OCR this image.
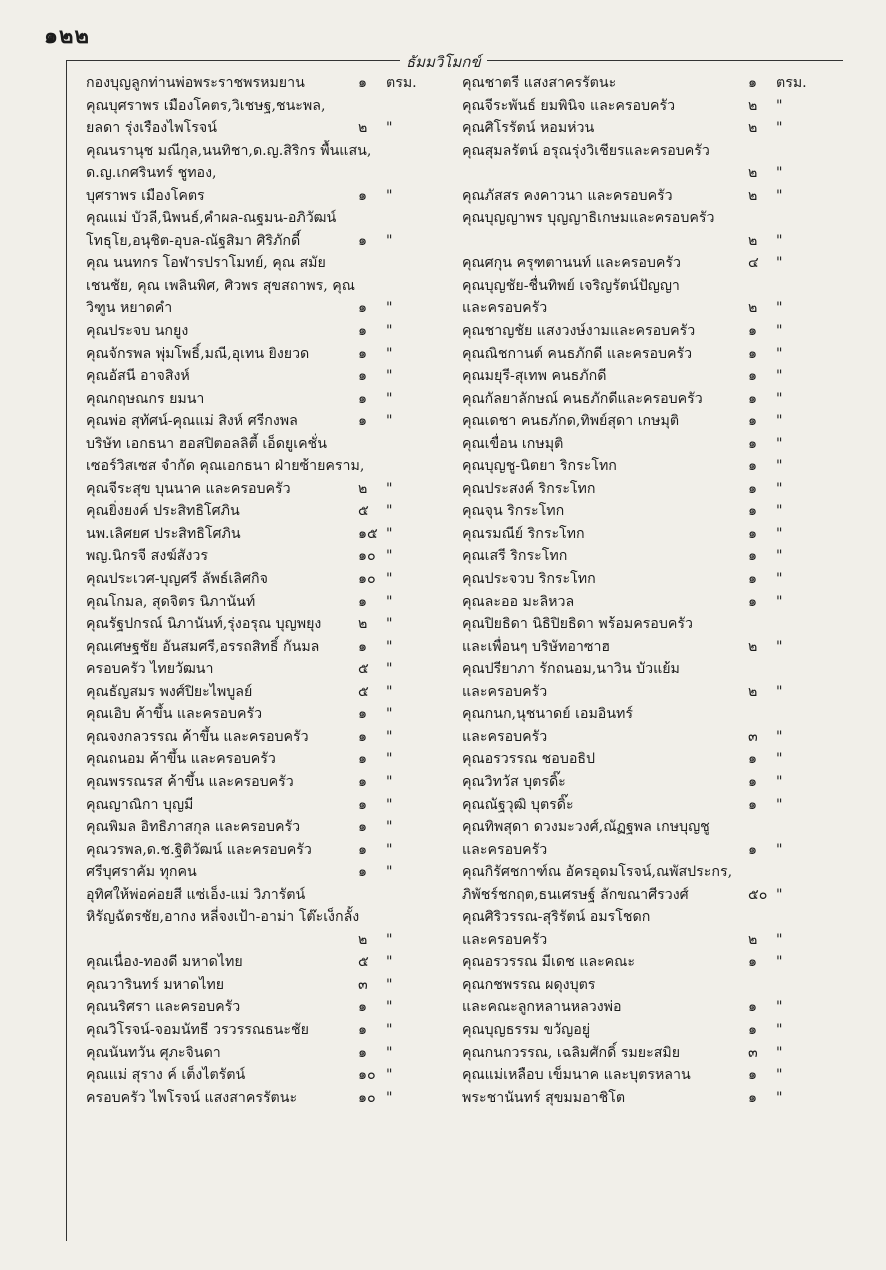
๑๒๒
ธัมมวิโมกข์
กองบุญลูกท่านพ่อพระราชพรหมยาน	๑ ตรม.
คุณบุศราพร เมืองโคตร,วิเชษฐ,ชนะพล,
ยลดา รุ่งเรืองไพโรจน์	๒ "
คุณนรานุช มณีกุล,นนทิชา,ด.ญ.สิริกร พื้นแสน,
ด.ญ.เกศรินทร์ ชูทอง,
บุศราพร เมืองโคตร	๑ "
คุณแม่ บัวลี,นิพนธ์,คำผล-ณฐมน-อภิวัฒน์
โทธุโย,อนุชิต-อุบล-ณัฐสิมา ศิริภักดี์	๑ "
คุณ นนทกร โอฬารปราโมทย์, คุณ สมัย
เชนชัย, คุณ เพลินพิศ, ศิวพร สุขสถาพร, คุณ
วิฑูน หยาดคำ	๑ "
คุณประจบ นกยูง	๑ "
คุณจักรพล พุ่มโพธิ์,มณี,อุเทน ยิงยวด	๑ "
คุณอัสนี อาจสิงห์	๑ "
คุณกฤษณกร ยมนา	๑ "
คุณพ่อ สุทัศน์-คุณแม่ สิงห์ ศรีกงพล	๑ "
บริษัท เอกธนา ฮอสปิตอลลิตี้ เอ็ดยูเคชั่น
เซอร์วิสเซส จำกัด คุณเอกธนา ฝ่ายซ้ายคราม,
คุณจีระสุข บุนนาค และครอบครัว	๒ "
คุณยิ่งยงค์ ประสิทธิโศภิน	๕ "
นพ.เลิศยศ ประสิทธิโศภิน	๑๕ "
พญ.นิกรจี สงฆ์สังวร	๑๐ "
คุณประเวศ-บุญศรี ลัพธ์เลิศกิจ	๑๐ "
คุณโกมล, สุดจิตร นิภานันท์	๑ "
คุณรัฐปกรณ์ นิภานันท์,รุ่งอรุณ บุญพยุง	๒ "
คุณเศษฐชัย อันสมศรี,อรรถสิทธิ์ กันมล	๑ "
ครอบครัว ไทยวัฒนา	๕ "
คุณธัญสมร พงศ์ปิยะไพบูลย์	๕ "
คุณเอิบ ค้าขึ้น และครอบครัว	๑ "
คุณจงกลวรรณ ค้าขึ้น และครอบครัว	๑ "
คุณถนอม ค้าขึ้น และครอบครัว	๑ "
คุณพรรณรส ค้าขึ้น และครอบครัว	๑ "
คุณญาณิกา บุญมี	๑ "
คุณพิมล อิทธิภาสกุล และครอบครัว	๑ "
คุณวรพล,ด.ช.ฐิติวัฒน์ และครอบครัว	๑ "
ศรีบุศราคัม ทุกคน	๑ "
อุทิศให้พ่อค่อยสี แซ่เอ็ง-แม่ วิภารัตน์
หิรัญฉัตรชัย,อากง หลี่จงเป้า-อาม่า โต๊ะเง็กลั้ง
๒ "
คุณเนื่อง-ทองดี มหาดไทย	๕ "
คุณวารินทร์ มหาดไทย	๓ "
คุณนริศรา และครอบครัว	๑ "
คุณวิโรจน์-จอมนัทธี วรวรรณธนะชัย	๑ "
คุณนันทวัน ศุภะจินดา	๑ "
คุณแม่ สุราง ค์ เต็งไตรัตน์	๑๐ "
ครอบครัว ไพโรจน์ แสงสาครรัตนะ	๑๐ "
คุณชาตรี แสงสาครรัตนะ	๑ ตรม.
คุณจีระพันธ์ ยมพินิจ และครอบครัว	๒ "
คุณศิโรรัตน์ หอมห่วน	๒ "
คุณสุมลรัตน์ อรุณรุ่งวิเชียรและครอบครัว
๒ "
คุณภัสสร คงคาวนา และครอบครัว	๒ "
คุณบุญญาพร บุญญาธิเกษมและครอบครัว
๒ "
คุณศกุน ครุฑตานนท์ และครอบครัว	๔ "
คุณบุญชัย-ชื่นทิพย์ เจริญรัตน์ปัญญา
และครอบครัว	๒ "
คุณชาญชัย แสงวงษ์งามและครอบครัว	๑ "
คุณณิชกานต์ คนธภักดี และครอบครัว	๑ "
คุณมยุรี-สุเทพ คนธภักดี	๑ "
คุณกัลยาลักษณ์ คนธภักดีและครอบครัว	๑ "
คุณเดชา คนธภักด,ทิพย์สุดา เกษมุติ	๑ "
คุณเขื่อน เกษมุติ	๑ "
คุณบุญชู-นิตยา ริกระโทก	๑ "
คุณประสงค์ ริกระโทก	๑ "
คุณจุน ริกระโทก	๑ "
คุณรมณีย์ ริกระโทก	๑ "
คุณเสรี ริกระโทก	๑ "
คุณประจวบ ริกระโทก	๑ "
คุณละออ มะลิหวล	๑ "
คุณปิยธิดา นิธิปิยธิดา พร้อมครอบครัว
และเพื่อนๆ บริษัทอาซาฮ	๒ "
คุณปรียาภา รักถนอม,นาวิน บัวแย้ม
และครอบครัว	๒ "
คุณกนก,นุชนาดย์ เอมอินทร์
และครอบครัว	๓ "
คุณอรวรรณ ชอบอธิป	๑ "
คุณวิทวัส บุตรดิ๊ะ	๑ "
คุณณัฐวุฒิ บุตรดิ๊ะ	๑ "
คุณทิพสุดา ดวงมะวงศ์,ณัฏฐพล เกษบุญชู
และครอบครัว	๑ "
คุณกิรัศชกาฑ์ณ อัครอุดมโรจน์,ณพัสประกร,
ภิพัชร์ชกฤต,ธนเศรษฐ์ ลักขณาศีรวงศ์	๕๐ "
คุณศิริวรรณ-สุริรัตน์ อมรโชดก
และครอบครัว	๒ "
คุณอรวรรณ มีเดช และคณะ	๑ "
คุณกชพรรณ ผดุงบุตร
และคณะลูกหลานหลวงพ่อ	๑ "
คุณบุญธรรม ขวัญอยู่	๑ "
คุณกนกวรรณ, เฉลิมศักดิ์ รมยะสมิย	๓ "
คุณแม่เหลือบ เข็มนาค และบุตรหลาน	๑ "
พระชานันทร์ สุขมมอาชิโต	๑ "
